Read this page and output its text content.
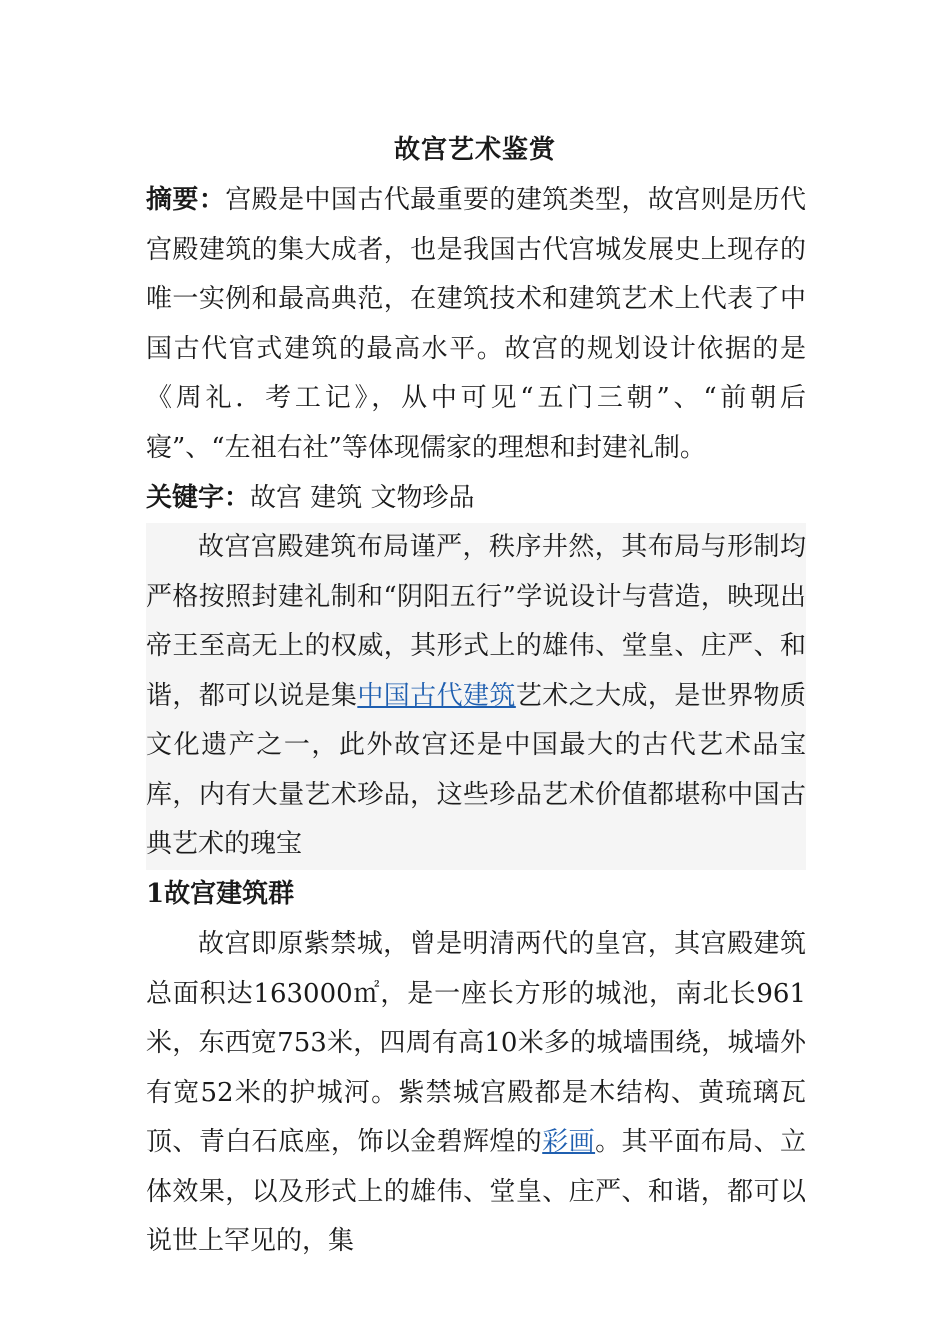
故宫艺术鉴赏
摘要：宫殿是中国古代最重要的建筑类型，故宫则是历代宫殿建筑的集大成者，也是我国古代宫城发展史上现存的唯一实例和最高典范，在建筑技术和建筑艺术上代表了中国古代官式建筑的最高水平。故宫的规划设计依据的是《周礼．考工记》，从中可见“五门三朝”、“前朝后寝”、“左祖右社”等体现儒家的理想和封建礼制。
关键字：故宫 建筑 文物珍品
故宫宫殿建筑布局谨严，秩序井然，其布局与形制均严格按照封建礼制和“阴阳五行”学说设计与营造，映现出帝王至高无上的权威，其形式上的雄伟、堂皇、庄严、和谐，都可以说是集中国古代建筑艺术之大成，是世界物质文化遗产之一，此外故宫还是中国最大的古代艺术品宝库，内有大量艺术珍品，这些珍品艺术价值都堪称中国古典艺术的瑰宝
1故宫建筑群
故宫即原紫禁城，曾是明清两代的皇宫，其宫殿建筑总面积达163000㎡，是一座长方形的城池，南北长961米，东西宽753米，四周有高10米多的城墙围绕，城墙外有宽52米的护城河。紫禁城宫殿都是木结构、黄琉璃瓦顶、青白石底座，饰以金碧辉煌的彩画。其平面布局、立体效果，以及形式上的雄伟、堂皇、庄严、和谐，都可以说世上罕见的，集
